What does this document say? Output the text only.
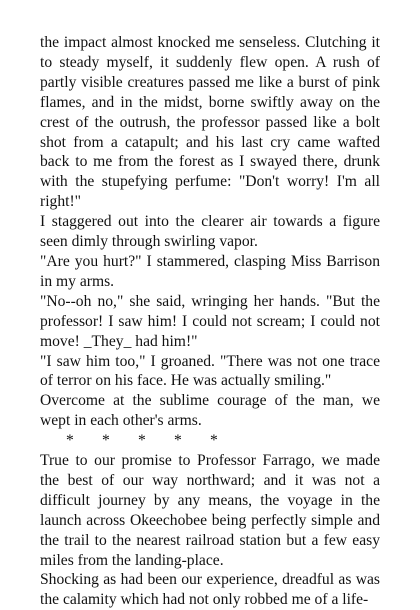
the impact almost knocked me senseless. Clutching it to steady myself, it suddenly flew open. A rush of partly visible creatures passed me like a burst of pink flames, and in the midst, borne swiftly away on the crest of the outrush, the professor passed like a bolt shot from a catapult; and his last cry came wafted back to me from the forest as I swayed there, drunk with the stupefying perfume: "Don't worry! I'm all right!"

I staggered out into the clearer air towards a figure seen dimly through swirling vapor.

"Are you hurt?" I stammered, clasping Miss Barrison in my arms.

"No--oh no," she said, wringing her hands. "But the professor! I saw him! I could not scream; I could not move! _They_ had him!"

"I saw him too," I groaned. "There was not one trace of terror on his face. He was actually smiling."

Overcome at the sublime courage of the man, we wept in each other's arms.

*	*	*	*	*

True to our promise to Professor Farrago, we made the best of our way northward; and it was not a difficult journey by any means, the voyage in the launch across Okeechobee being perfectly simple and the trail to the nearest railroad station but a few easy miles from the landing-place.

Shocking as had been our experience, dreadful as was the calamity which had not only robbed me of a life-
